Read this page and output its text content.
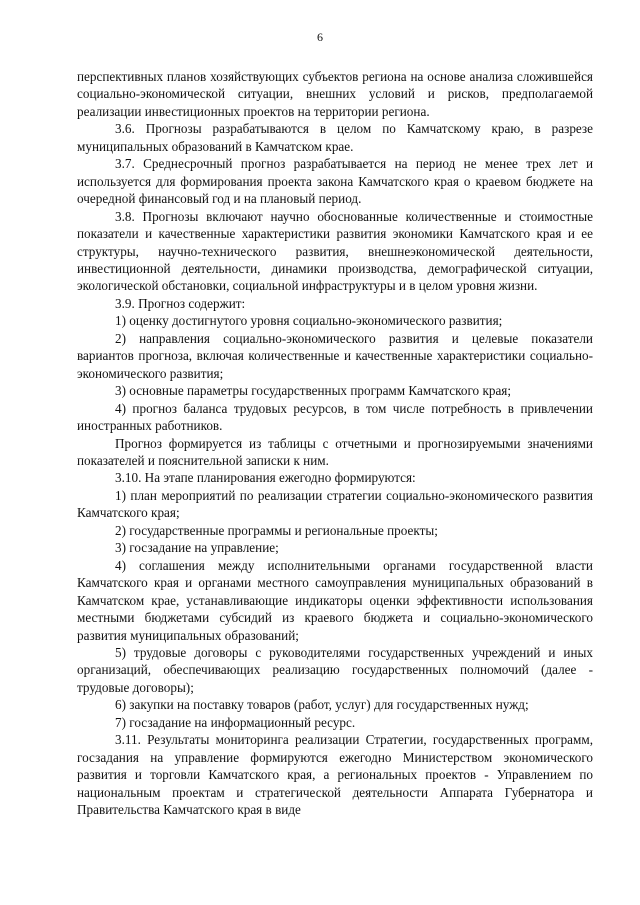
6

перспективных планов хозяйствующих субъектов региона на основе анализа сложившейся социально-экономической ситуации, внешних условий и рисков, предполагаемой реализации инвестиционных проектов на территории региона.

3.6. Прогнозы разрабатываются в целом по Камчатскому краю, в разрезе муниципальных образований в Камчатском крае.

3.7. Среднесрочный прогноз разрабатывается на период не менее трех лет и используется для формирования проекта закона Камчатского края о краевом бюджете на очередной финансовый год и на плановый период.

3.8. Прогнозы включают научно обоснованные количественные и стоимостные показатели и качественные характеристики развития экономики Камчатского края и ее структуры, научно-технического развития, внешнеэкономической деятельности, инвестиционной деятельности, динамики производства, демографической ситуации, экологической обстановки, социальной инфраструктуры и в целом уровня жизни.

3.9. Прогноз содержит:

1) оценку достигнутого уровня социально-экономического развития;

2) направления социально-экономического развития и целевые показатели вариантов прогноза, включая количественные и качественные характеристики социально-экономического развития;

3) основные параметры государственных программ Камчатского края;

4) прогноз баланса трудовых ресурсов, в том числе потребность в привлечении иностранных работников.

Прогноз формируется из таблицы с отчетными и прогнозируемыми значениями показателей и пояснительной записки к ним.

3.10. На этапе планирования ежегодно формируются:

1) план мероприятий по реализации стратегии социально-экономического развития Камчатского края;

2) государственные программы и региональные проекты;

3) госзадание на управление;

4) соглашения между исполнительными органами государственной власти Камчатского края и органами местного самоуправления муниципальных образований в Камчатском крае, устанавливающие индикаторы оценки эффективности использования местными бюджетами субсидий из краевого бюджета и социально-экономического развития муниципальных образований;

5) трудовые договоры с руководителями государственных учреждений и иных организаций, обеспечивающих реализацию государственных полномочий (далее - трудовые договоры);

6) закупки на поставку товаров (работ, услуг) для государственных нужд;

7) госзадание на информационный ресурс.

3.11. Результаты мониторинга реализации Стратегии, государственных программ, госзадания на управление формируются ежегодно Министерством экономического развития и торговли Камчатского края, а региональных проектов - Управлением по национальным проектам и стратегической деятельности Аппарата Губернатора и Правительства Камчатского края в виде
